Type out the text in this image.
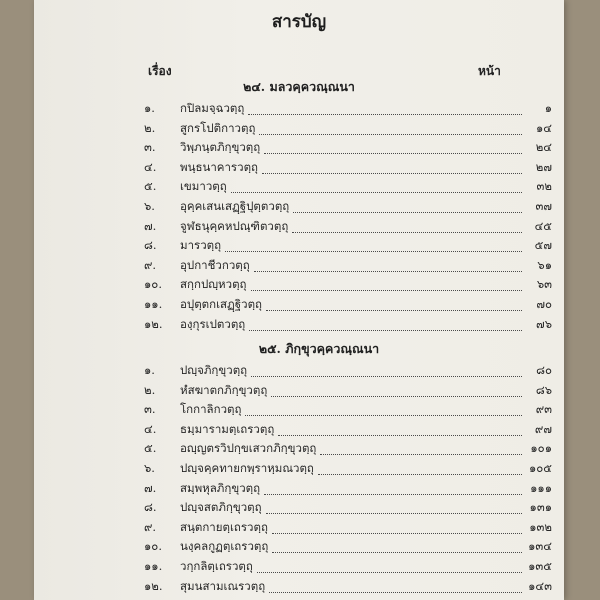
สารบัญ
เรื่อง	หน้า
๒๔. มลวคฺควณฺณนา
๒๕. ภิกฺขุวคฺควณฺณนา
๑.	กปิลมจฺฉวตฺถุ	๑
๒.	สูกรโปติกาวตฺถุ	๑๔
๓.	วิพฺภนฺตภิกฺขุวตฺถุ	๒๔
๔.	พนฺธนาคารวตฺถุ	๒๗
๕.	เขมาวตฺถุ	๓๒
๖.	อุคฺคเสนเสฏฺฐิปุตฺตวตฺถุ	๓๗
๗.	จูฬธนุคฺคหปณฺฑิตวตฺถุ	๔๕
๘.	มารวตฺถุ	๕๗
๙.	อุปกาชีวกวตฺถุ	๖๑
๑๐.	สกฺกปญฺหวตฺถุ	๖๓
๑๑.	อปุตฺตกเสฏฺฐิวตฺถุ	๗๐
๑๒.	องฺกุรเปตวตฺถุ	๗๖
๑.	ปญฺจภิกฺขุวตฺถุ	๘๐
๒.	หํสฆาตกภิกฺขุวตฺถุ	๘๖
๓.	โกกาลิกวตฺถุ	๙๓
๔.	ธมฺมารามตฺเถรวตฺถุ	๙๗
๕.	อญฺญตรวิปกฺขเสวกภิกฺขุวตฺถุ	๑๐๑
๖.	ปญฺจคฺคทายกพฺราหฺมณวตฺถุ	๑๐๕
๗.	สมฺพหุลภิกฺขุวตฺถุ	๑๑๑
๘.	ปญฺจสตภิกฺขุวตฺถุ	๑๓๑
๙.	สนฺตกายตฺเถรวตฺถุ	๑๓๒
๑๐.	นงฺคลกูฏตฺเถรวตฺถุ	๑๓๔
๑๑.	วกฺกลิตฺเถรวตฺถุ	๑๓๕
๑๒.	สุมนสามเณรวตฺถุ	๑๔๓
